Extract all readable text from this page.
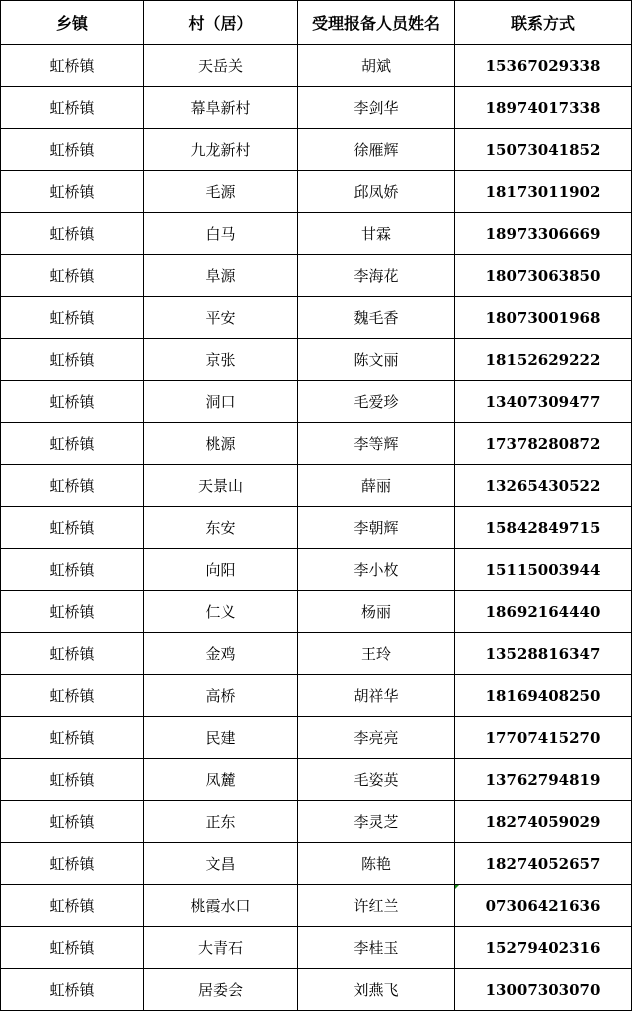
乡镇	村（居）	受理报备人员姓名	联系方式
虹桥镇	天岳关	胡斌	15367029338
虹桥镇	幕阜新村	李剑华	18974017338
虹桥镇	九龙新村	徐雁辉	15073041852
虹桥镇	毛源	邱凤娇	18173011902
虹桥镇	白马	甘霖	18973306669
虹桥镇	阜源	李海花	18073063850
虹桥镇	平安	魏毛香	18073001968
虹桥镇	京张	陈文丽	18152629222
虹桥镇	洞口	毛爱珍	13407309477
虹桥镇	桃源	李等辉	17378280872
虹桥镇	天景山	薛丽	13265430522
虹桥镇	东安	李朝辉	15842849715
虹桥镇	向阳	李小枚	15115003944
虹桥镇	仁义	杨丽	18692164440
虹桥镇	金鸡	王玲	13528816347
虹桥镇	高桥	胡祥华	18169408250
虹桥镇	民建	李亮亮	17707415270
虹桥镇	凤麓	毛姿英	13762794819
虹桥镇	正东	李灵芝	18274059029
虹桥镇	文昌	陈艳	18274052657
虹桥镇	桃霞水口	许红兰	07306421636

虹桥镇	大青石	李桂玉	15279402316
虹桥镇	居委会	刘燕飞	13007303070
